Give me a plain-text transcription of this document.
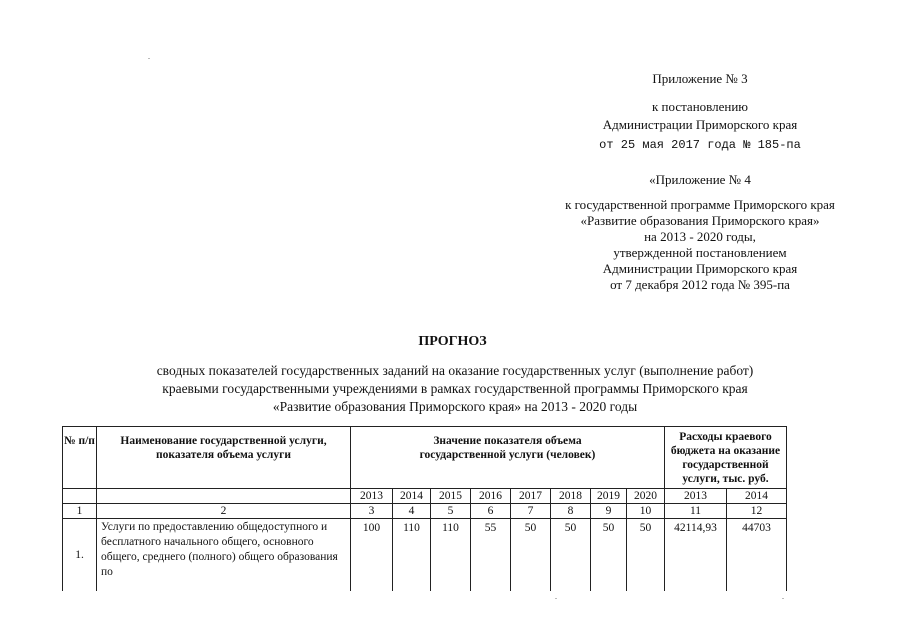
Приложение № 3
к постановлению
Администрации Приморского края
от 25 мая 2017 года № 185-па
«Приложение № 4
к государственной программе Приморского края
«Развитие образования Приморского края»
на 2013 - 2020 годы,
утвержденной постановлением
Администрации Приморского края
от 7 декабря 2012 года № 395-па
ПРОГНОЗ
сводных показателей государственных заданий на оказание государственных услуг (выполнение работ)
краевыми государственными учреждениями в рамках государственной программы Приморского края
«Развитие образования Приморского края» на 2013 - 2020 годы
№ п/п	Наименование государственной услуги, показателя объема услуги	Значение показателя объема государственной услуги (человек)								Расходы краевого бюджета на оказание государственной услуги, тыс. руб.	
		2013	2014	2015	2016	2017	2018	2019	2020	2013	2014
1	2	3	4	5	6	7	8	9	10	11	12
1.	Услуги по предоставлению общедоступного и бесплатного начального общего, основного общего, среднего (полного) общего образования по	100	110	110	55	50	50	50	50	42114,93	44703
